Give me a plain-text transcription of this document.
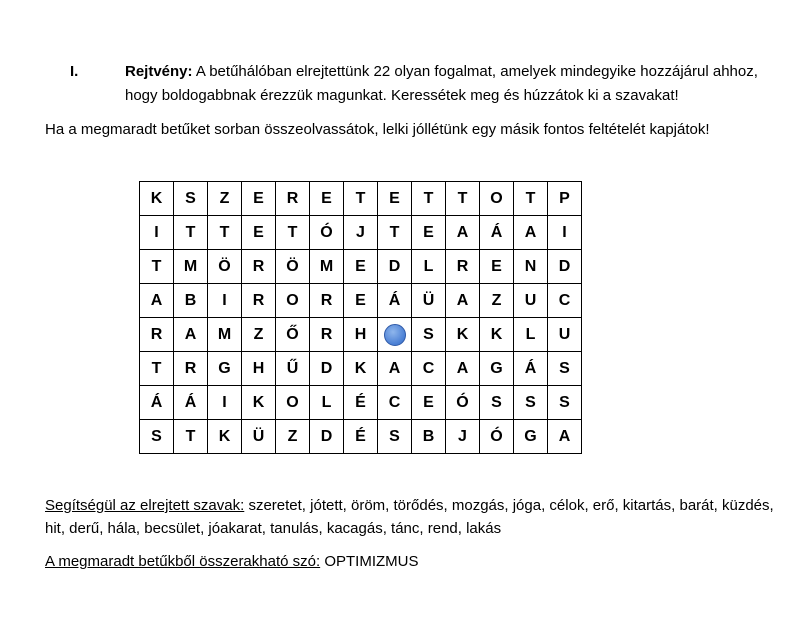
I.	Rejtvény: A betűhálóban elrejtettünk 22 olyan fogalmat, amelyek mindegyike hozzájárul ahhoz, hogy boldogabbnak érezzük magunkat. Keressétek meg és húzzátok ki a szavakat!
Ha a megmaradt betűket sorban összeolvassátok, lelki jóllétünk egy másik fontos feltételét kapjátok!
K	S	Z	E	R	E	T	E	T	T	O	T	P
I	T	T	E	T	Ó	J	T	E	A	Á	A	I
T	M	Ö	R	Ö	M	E	D	L	R	E	N	D
A	B	I	R	O	R	E	Á	Ü	A	Z	U	C
R	A	M	Z	Ő	R	H		S	K	K	L	U
T	R	G	H	Ű	D	K	A	C	A	G	Á	S
Á	Á	I	K	O	L	É	C	E	Ó	S	S	S
S	T	K	Ü	Z	D	É	S	B	J	Ó	G	A
Segítségül az elrejtett szavak: szeretet, jótett, öröm, törődés, mozgás, jóga, célok, erő, kitartás, barát, küzdés, hit, derű, hála, becsület, jóakarat, tanulás, kacagás, tánc, rend, lakás
A megmaradt betűkből összerakható szó: OPTIMIZMUS
